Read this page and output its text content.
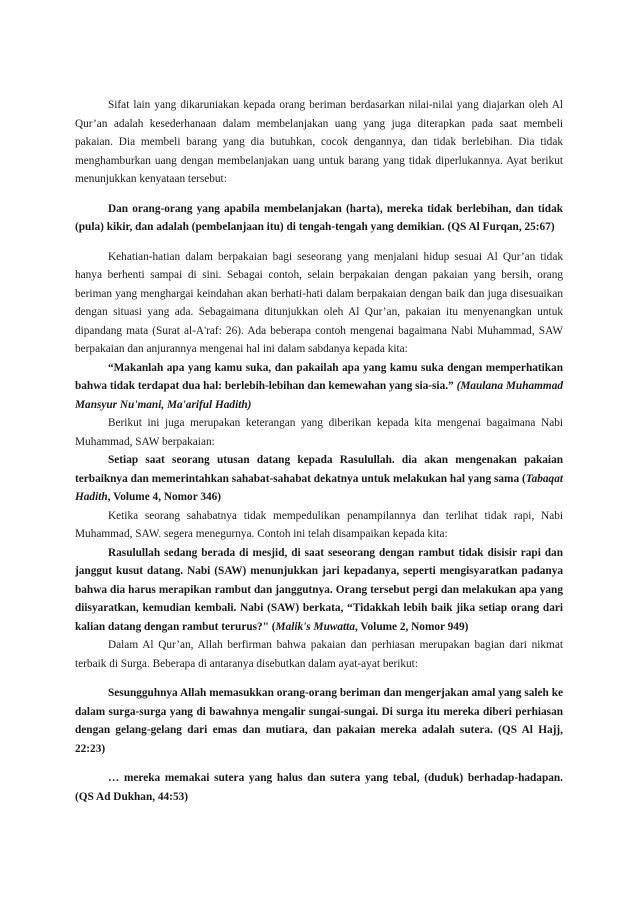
Sifat lain yang dikaruniakan kepada orang beriman berdasarkan nilai-nilai yang diajarkan oleh Al Qur’an adalah kesederhanaan dalam membelanjakan uang yang juga diterapkan pada saat membeli pakaian. Dia membeli barang yang dia butuhkan, cocok dengannya, dan tidak berlebihan. Dia tidak menghamburkan uang dengan membelanjakan uang untuk barang yang tidak diperlukannya. Ayat berikut menunjukkan kenyataan tersebut:

Dan orang-orang yang apabila membelanjakan (harta), mereka tidak berlebihan, dan tidak (pula) kikir, dan adalah (pembelanjaan itu) di tengah-tengah yang demikian. (QS Al Furqan, 25:67)

Kehatian-hatian dalam berpakaian bagi seseorang yang menjalani hidup sesuai Al Qur’an tidak hanya berhenti sampai di sini. Sebagai contoh, selain berpakaian dengan pakaian yang bersih, orang beriman yang menghargai keindahan akan berhati-hati dalam berpakaian dengan baik dan juga disesuaikan dengan situasi yang ada. Sebagaimana ditunjukkan oleh Al Qur’an, pakaian itu menyenangkan untuk dipandang mata (Surat al-A'raf: 26). Ada beberapa contoh mengenai bagaimana Nabi Muhammad, SAW berpakaian dan anjurannya mengenai hal ini dalam sabdanya kepada kita:

“Makanlah apa yang kamu suka, dan pakailah apa yang kamu suka dengan memperhatikan bahwa tidak terdapat dua hal: berlebih-lebihan dan kemewahan yang sia-sia.” (Maulana Muhammad Mansyur Nu'mani, Ma'ariful Hadith)

Berikut ini juga merupakan keterangan yang diberikan kepada kita mengenai bagaimana Nabi Muhammad, SAW berpakaian:

Setiap saat seorang utusan datang kepada Rasulullah. dia akan mengenakan pakaian terbaiknya dan memerintahkan sahabat-sahabat dekatnya untuk melakukan hal yang sama (Tabaqat Hadith, Volume 4, Nomor 346)

Ketika seorang sahabatnya tidak mempedulikan penampilannya dan terlihat tidak rapi, Nabi Muhammad, SAW. segera menegurnya. Contoh ini telah disampaikan kepada kita:

Rasulullah sedang berada di mesjid, di saat seseorang dengan rambut tidak disisir rapi dan janggut kusut datang. Nabi (SAW) menunjukkan jari kepadanya, seperti mengisyaratkan padanya bahwa dia harus merapikan rambut dan janggutnya. Orang tersebut pergi dan melakukan apa yang diisyaratkan, kemudian kembali. Nabi (SAW) berkata, “Tidakkah lebih baik jika setiap orang dari kalian datang dengan rambut terurus?" (Malik's Muwatta, Volume 2, Nomor 949)

Dalam Al Qur’an, Allah berfirman bahwa pakaian dan perhiasan merupakan bagian dari nikmat terbaik di Surga. Beberapa di antaranya disebutkan dalam ayat-ayat berikut:

Sesungguhnya Allah memasukkan orang-orang beriman dan mengerjakan amal yang saleh ke dalam surga-surga yang di bawahnya mengalir sungai-sungai. Di surga itu mereka diberi perhiasan dengan gelang-gelang dari emas dan mutiara, dan pakaian mereka adalah sutera. (QS Al Hajj, 22:23)

… mereka memakai sutera yang halus dan sutera yang tebal, (duduk) berhadap-hadapan. (QS Ad Dukhan, 44:53)
